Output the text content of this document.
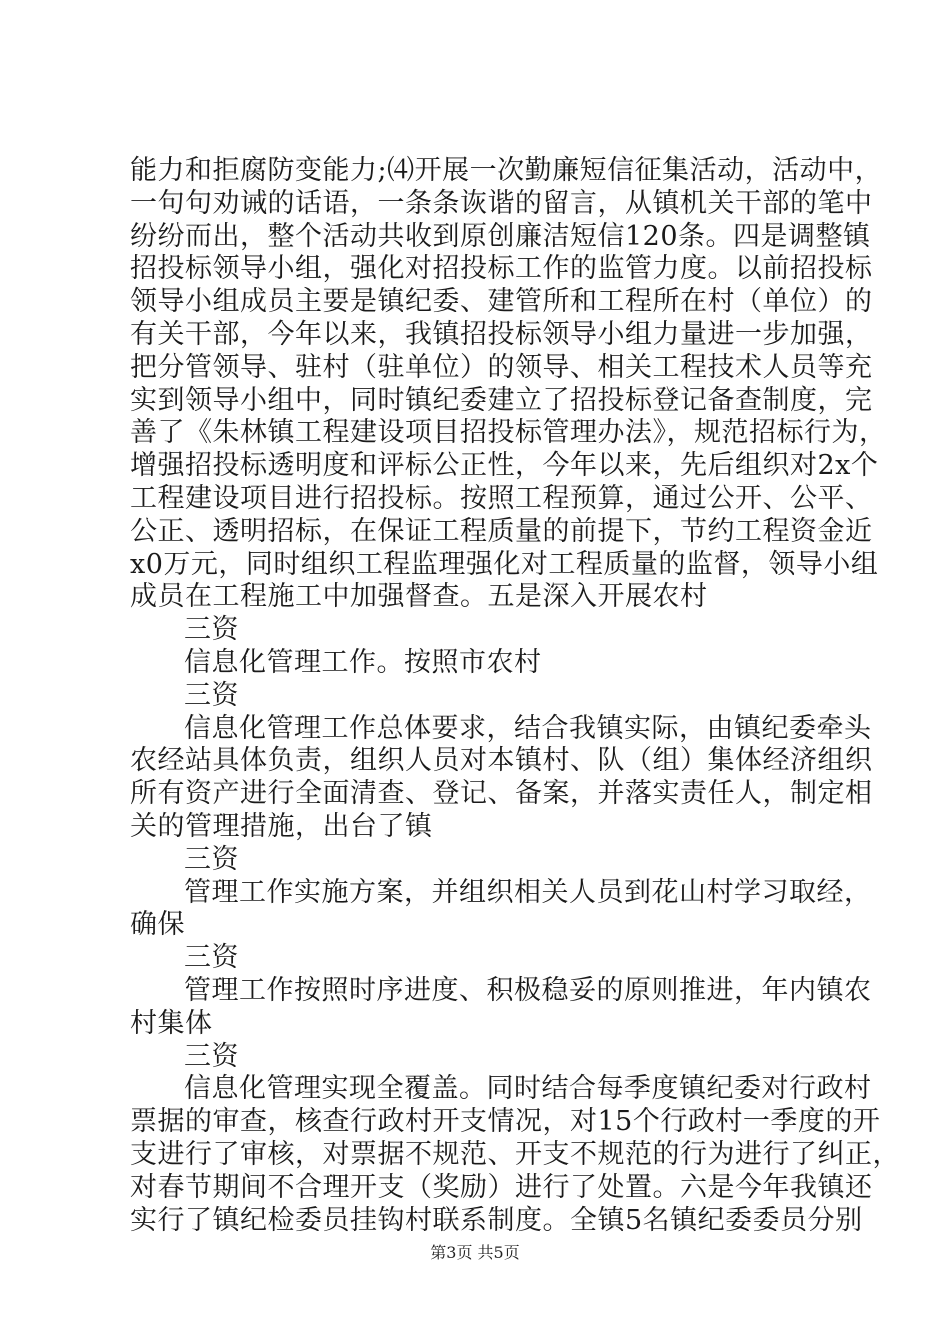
能力和拒腐防变能力;⑷开展一次勤廉短信征集活动，活动中，
一句句劝诫的话语，一条条诙谐的留言，从镇机关干部的笔中
纷纷而出，整个活动共收到原创廉洁短信120条。四是调整镇
招投标领导小组，强化对招投标工作的监管力度。以前招投标
领导小组成员主要是镇纪委、建管所和工程所在村（单位）的
有关干部，今年以来，我镇招投标领导小组力量进一步加强，
把分管领导、驻村（驻单位）的领导、相关工程技术人员等充
实到领导小组中，同时镇纪委建立了招投标登记备查制度，完
善了《朱林镇工程建设项目招投标管理办法》，规范招标行为，
增强招投标透明度和评标公正性，今年以来，先后组织对2x个
工程建设项目进行招投标。按照工程预算，通过公开、公平、
公正、透明招标，在保证工程质量的前提下，节约工程资金近
x0万元，同时组织工程监理强化对工程质量的监督，领导小组
成员在工程施工中加强督查。五是深入开展农村
三资
信息化管理工作。按照市农村
三资
信息化管理工作总体要求，结合我镇实际，由镇纪委牵头
农经站具体负责，组织人员对本镇村、队（组）集体经济组织
所有资产进行全面清查、登记、备案，并落实责任人，制定相
关的管理措施，出台了镇
三资
管理工作实施方案，并组织相关人员到花山村学习取经，
确保
三资
管理工作按照时序进度、积极稳妥的原则推进，年内镇农
村集体
三资
信息化管理实现全覆盖。同时结合每季度镇纪委对行政村
票据的审查，核查行政村开支情况，对15个行政村一季度的开
支进行了审核，对票据不规范、开支不规范的行为进行了纠正，
对春节期间不合理开支（奖励）进行了处置。六是今年我镇还
实行了镇纪检委员挂钩村联系制度。全镇5名镇纪委委员分别
第3页 共5页
